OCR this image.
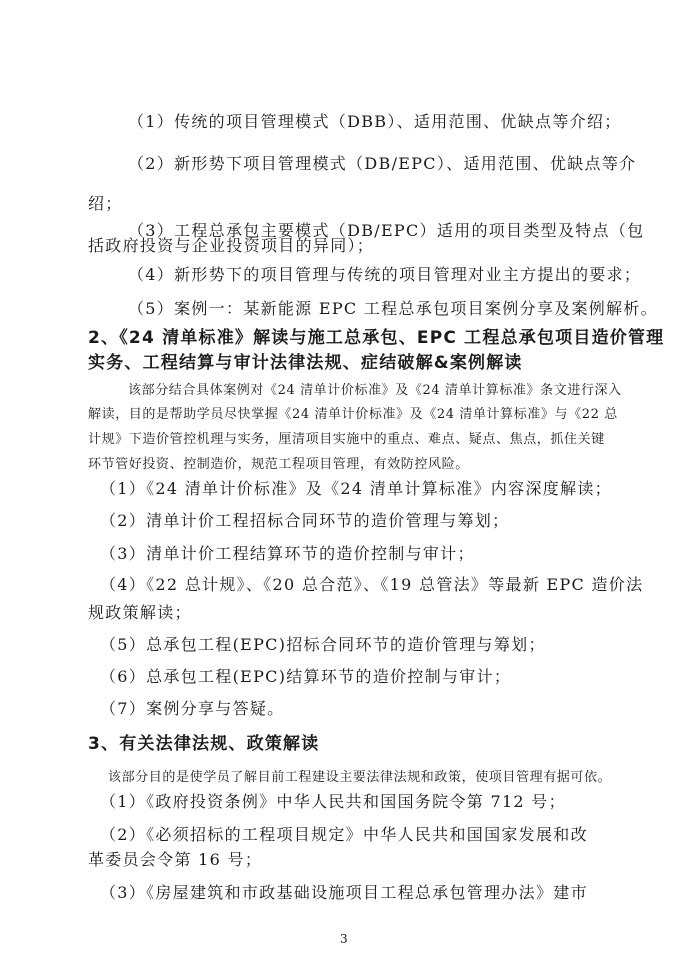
（1）传统的项目管理模式（DBB）、适用范围、优缺点等介绍；
（2）新形势下项目管理模式（DB/EPC）、适用范围、优缺点等介
绍；
（3）工程总承包主要模式（DB/EPC）适用的项目类型及特点（包
括政府投资与企业投资项目的异同）；
（4）新形势下的项目管理与传统的项目管理对业主方提出的要求；
（5）案例一：某新能源 EPC 工程总承包项目案例分享及案例解析。
2、《24 清单标准》解读与施工总承包、EPC 工程总承包项目造价管理
实务、工程结算与审计法律法规、症结破解&案例解读
该部分结合具体案例对《24 清单计价标准》及《24 清单计算标准》条文进行深入
解读，目的是帮助学员尽快掌握《24 清单计价标准》及《24 清单计算标准》与《22 总
计规》下造价管控机理与实务，厘清项目实施中的重点、难点、疑点、焦点，抓住关键
环节管好投资、控制造价，规范工程项目管理，有效防控风险。
（1）《24 清单计价标准》及《24 清单计算标准》内容深度解读；
（2）清单计价工程招标合同环节的造价管理与筹划；
（3）清单计价工程结算环节的造价控制与审计；
（4）《22 总计规》、《20 总合范》、《19 总管法》等最新 EPC 造价法
规政策解读；
（5）总承包工程(EPC)招标合同环节的造价管理与筹划；
（6）总承包工程(EPC)结算环节的造价控制与审计；
（7）案例分享与答疑。
3、有关法律法规、政策解读
该部分目的是使学员了解目前工程建设主要法律法规和政策，使项目管理有据可依。
（1）《政府投资条例》中华人民共和国国务院令第 712 号；
（2）《必须招标的工程项目规定》中华人民共和国国家发展和改
革委员会令第 16 号；
（3）《房屋建筑和市政基础设施项目工程总承包管理办法》建市
3
